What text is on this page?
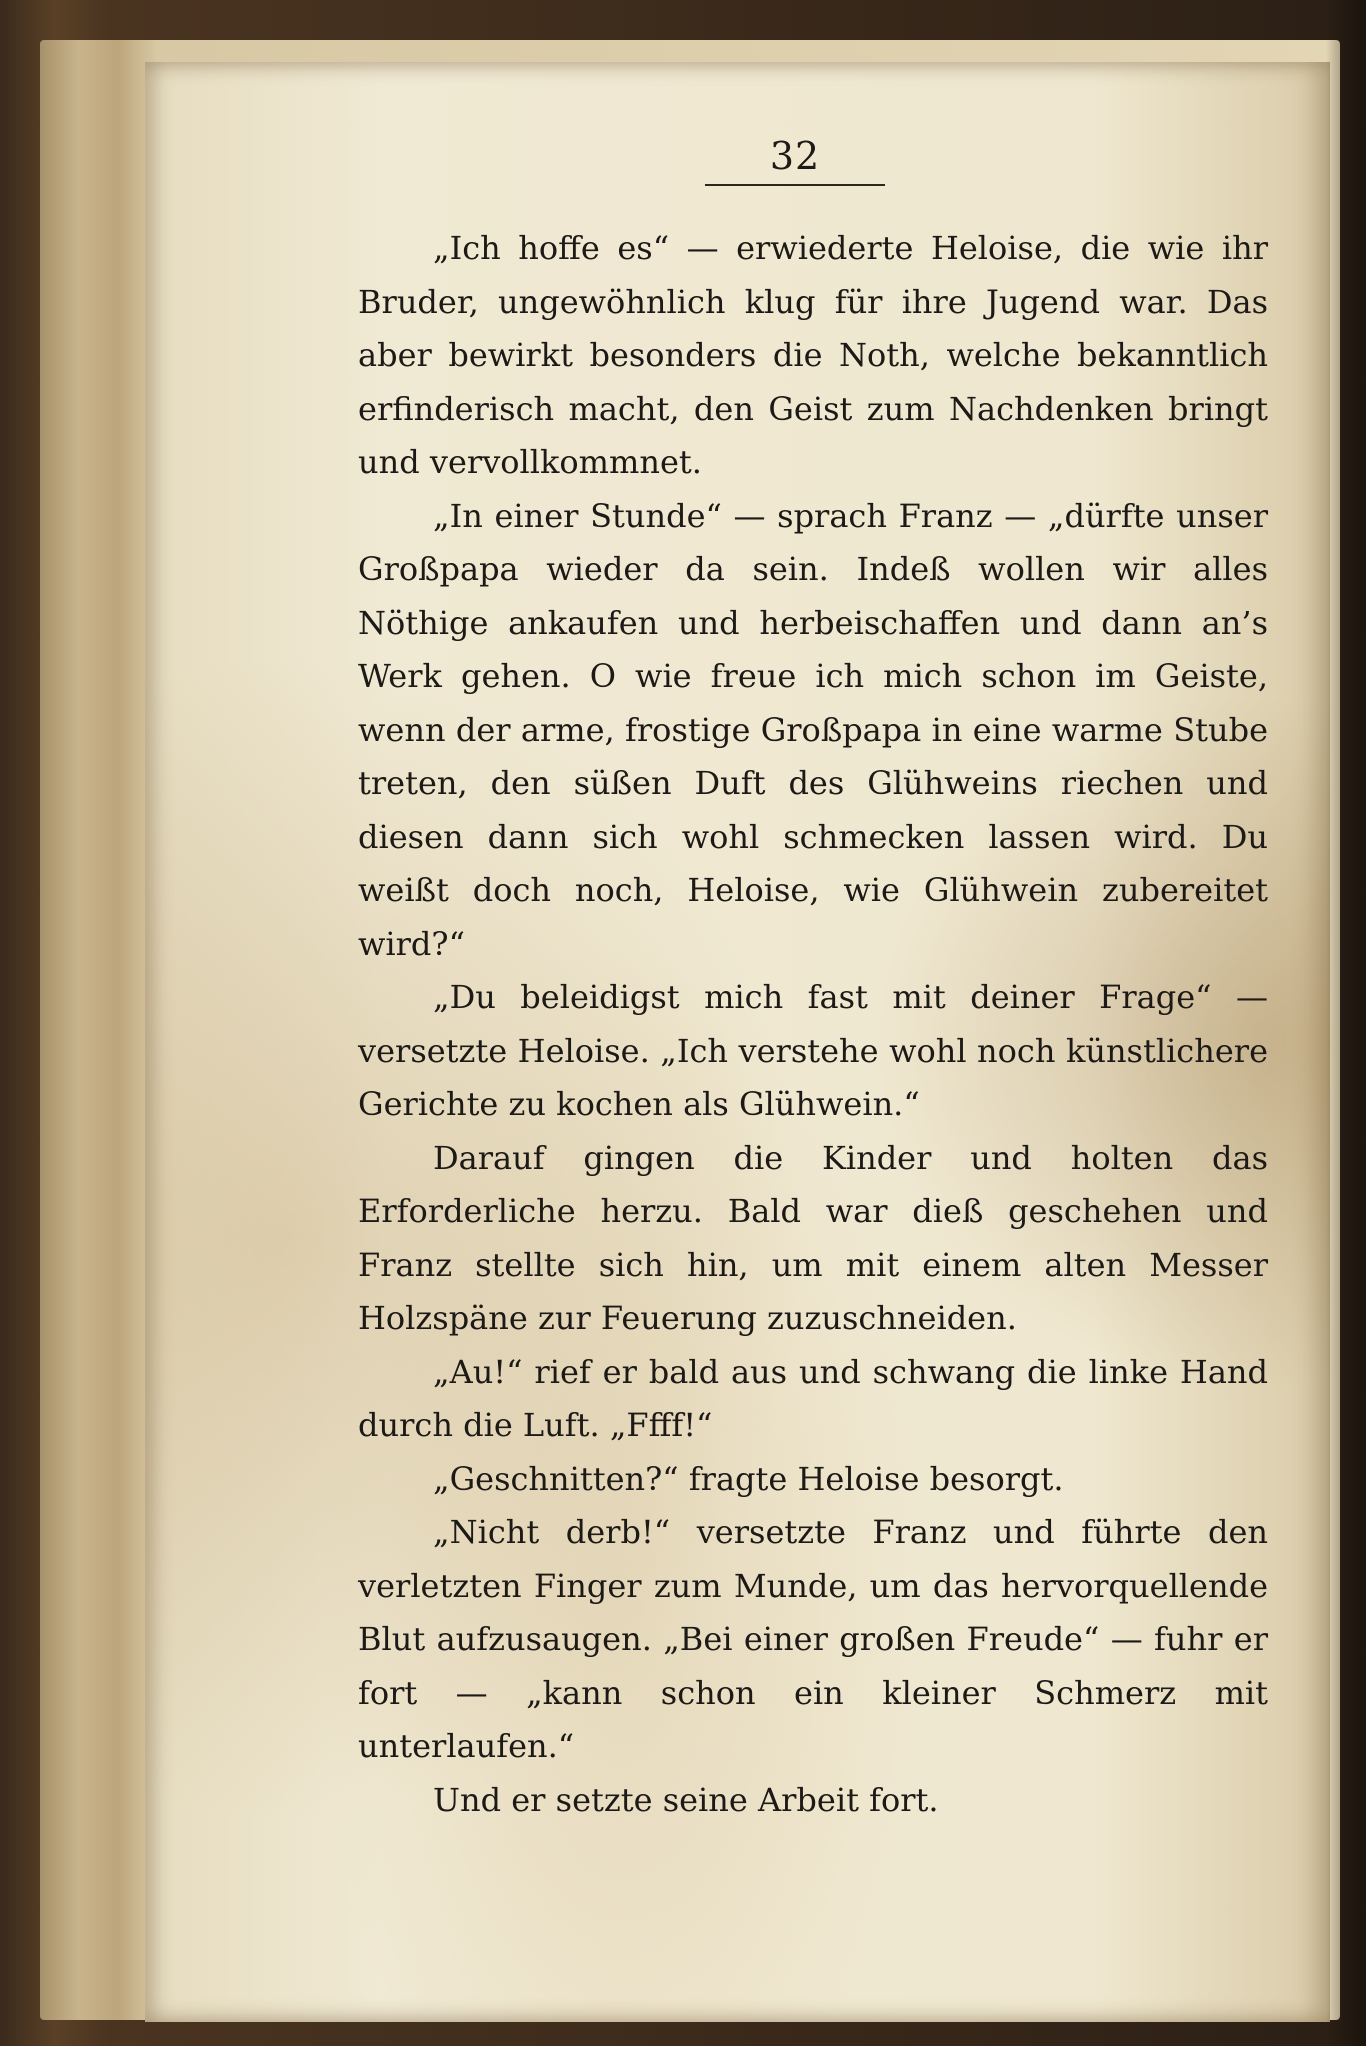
32

„Ich hoffe es“ — erwiederte Heloise, die wie ihr Bruder, ungewöhnlich klug für ihre Jugend war. Das aber bewirkt besonders die Noth, welche bekanntlich erfinderisch macht, den Geist zum Nachdenken bringt und vervollkommnet.

„In einer Stunde“ — sprach Franz — „dürfte unser Großpapa wieder da sein. Indeß wollen wir alles Nöthige ankaufen und herbeischaffen und dann an’s Werk gehen. O wie freue ich mich schon im Geiste, wenn der arme, frostige Großpapa in eine warme Stube treten, den süßen Duft des Glühweins riechen und diesen dann sich wohl schmecken lassen wird. Du weißt doch noch, Heloise, wie Glühwein zubereitet wird?“

„Du beleidigst mich fast mit deiner Frage“ — versetzte Heloise. „Ich verstehe wohl noch künstlichere Gerichte zu kochen als Glühwein.“

Darauf gingen die Kinder und holten das Erforderliche herzu. Bald war dieß geschehen und Franz stellte sich hin, um mit einem alten Messer Holzspäne zur Feuerung zuzuschneiden.

„Au!“ rief er bald aus und schwang die linke Hand durch die Luft. „Ffff!“

„Geschnitten?“ fragte Heloise besorgt.

„Nicht derb!“ versetzte Franz und führte den verletzten Finger zum Munde, um das hervorquellende Blut aufzusaugen. „Bei einer großen Freude“ — fuhr er fort — „kann schon ein kleiner Schmerz mit unterlaufen.“

Und er setzte seine Arbeit fort.
